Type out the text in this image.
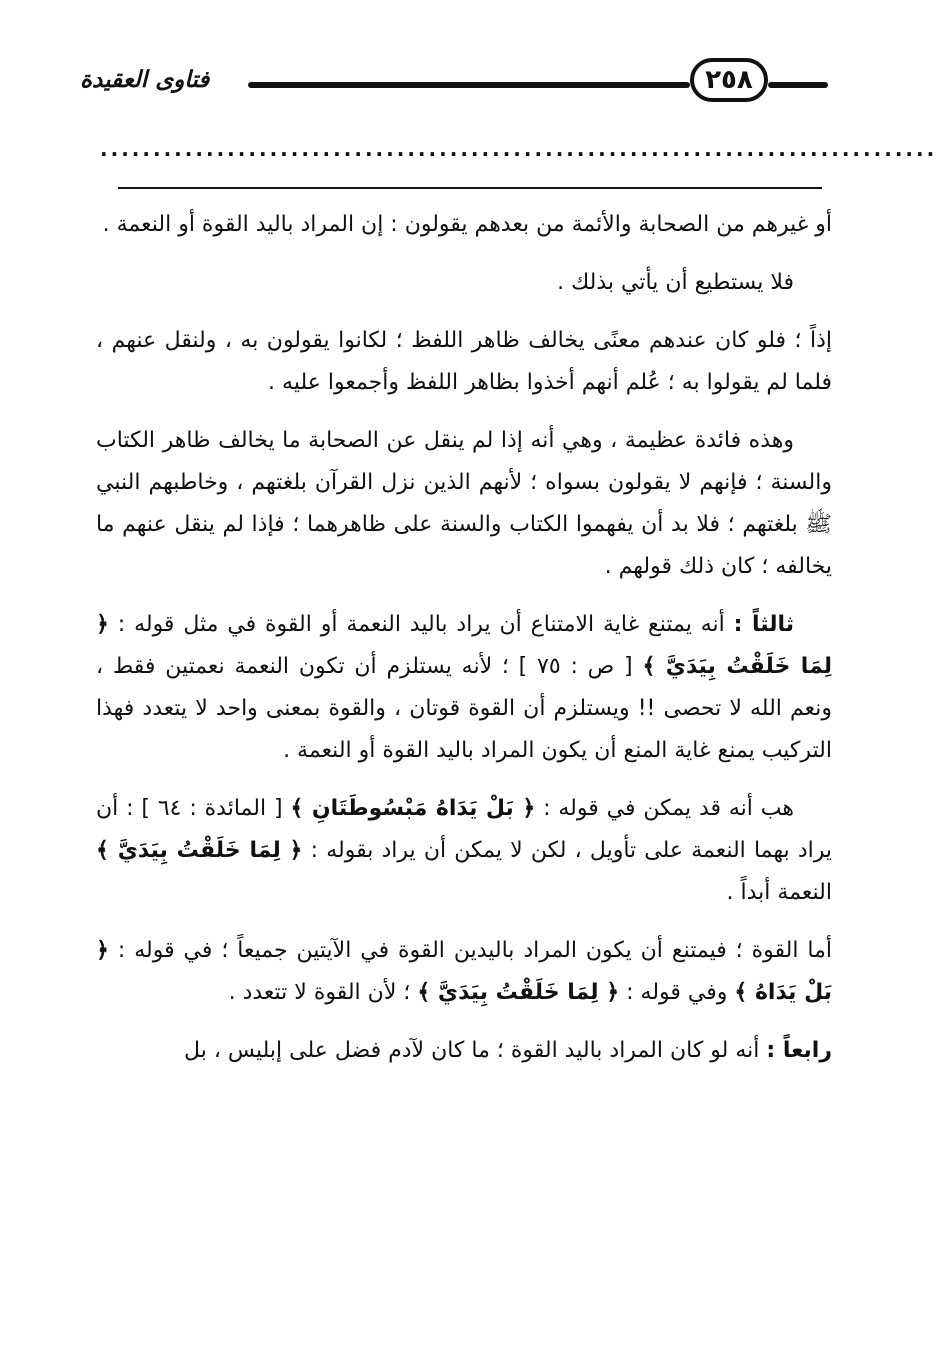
فتاوى العقيدة	٢٥٨
...............................................................................

أو غيرهم من الصحابة والأئمة من بعدهم يقولون : إن المراد باليد القوة أو النعمة .

فلا يستطيع أن يأتي بذلك .

إذاً ؛ فلو كان عندهم معنًى يخالف ظاهر اللفظ ؛ لكانوا يقولون به ، ولنقل عنهم ، فلما لم يقولوا به ؛ عُلم أنهم أخذوا بظاهر اللفظ وأجمعوا عليه .

وهذه فائدة عظيمة ، وهي أنه إذا لم ينقل عن الصحابة ما يخالف ظاهر الكتاب والسنة ؛ فإنهم لا يقولون بسواه ؛ لأنهم الذين نزل القرآن بلغتهم ، وخاطبهم النبي ﷺ بلغتهم ؛ فلا بد أن يفهموا الكتاب والسنة على ظاهرهما ؛ فإذا لم ينقل عنهم ما يخالفه ؛ كان ذلك قولهم .

ثالثاً : أنه يمتنع غاية الامتناع أن يراد باليد النعمة أو القوة في مثل قوله : ﴿ لِمَا خَلَقْتُ بِيَدَيَّ ﴾ [ ص : ٧٥ ] ؛ لأنه يستلزم أن تكون النعمة نعمتين فقط ، ونعم الله لا تحصى !! ويستلزم أن القوة قوتان ، والقوة بمعنى واحد لا يتعدد فهذا التركيب يمنع غاية المنع أن يكون المراد باليد القوة أو النعمة .

هب أنه قد يمكن في قوله : ﴿ بَلْ يَدَاهُ مَبْسُوطَتَانِ ﴾ [ المائدة : ٦٤ ] : أن يراد بهما النعمة على تأويل ، لكن لا يمكن أن يراد بقوله : ﴿ لِمَا خَلَقْتُ بِيَدَيَّ ﴾ النعمة أبداً .

أما القوة ؛ فيمتنع أن يكون المراد باليدين القوة في الآيتين جميعاً ؛ في قوله : ﴿ بَلْ يَدَاهُ ﴾ وفي قوله : ﴿ لِمَا خَلَقْتُ بِيَدَيَّ ﴾ ؛ لأن القوة لا تتعدد .

رابعاً : أنه لو كان المراد باليد القوة ؛ ما كان لآدم فضل على إبليس ، بل
